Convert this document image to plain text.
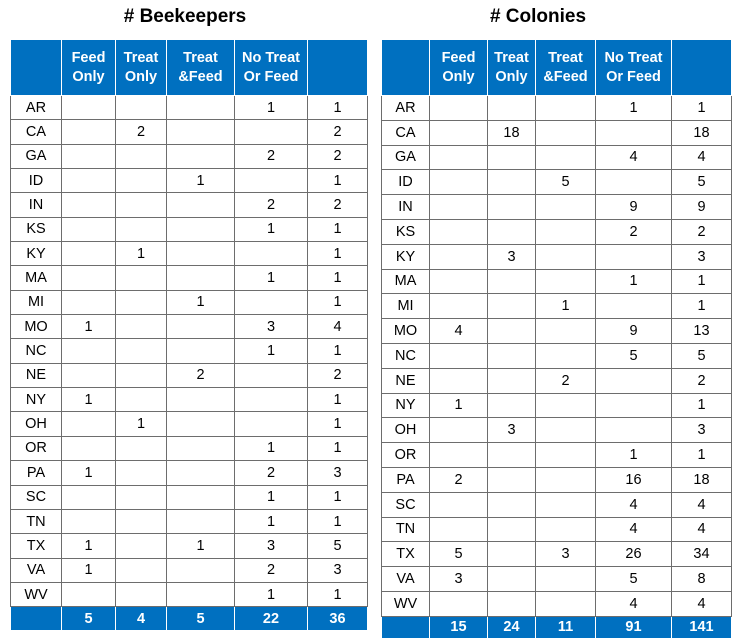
# Beekeepers
	Feed Only	Treat Only	Treat &Feed	No Treat Or Feed	
AR				1	1
CA		2			2
GA				2	2
ID			1		1
IN				2	2
KS				1	1
KY		1			1
MA				1	1
MI			1		1
MO	1			3	4
NC				1	1
NE			2		2
NY	1				1
OH		1			1
OR				1	1
PA	1			2	3
SC				1	1
TN				1	1
TX	1		1	3	5
VA	1			2	3
WV				1	1
	5	4	5	22	36
# Colonies
	Feed Only	Treat Only	Treat &Feed	No Treat Or Feed	
AR				1	1
CA		18			18
GA				4	4
ID			5		5
IN				9	9
KS				2	2
KY		3			3
MA				1	1
MI			1		1
MO	4			9	13
NC				5	5
NE			2		2
NY	1				1
OH		3			3
OR				1	1
PA	2			16	18
SC				4	4
TN				4	4
TX	5		3	26	34
VA	3			5	8
WV				4	4
	15	24	11	91	141
